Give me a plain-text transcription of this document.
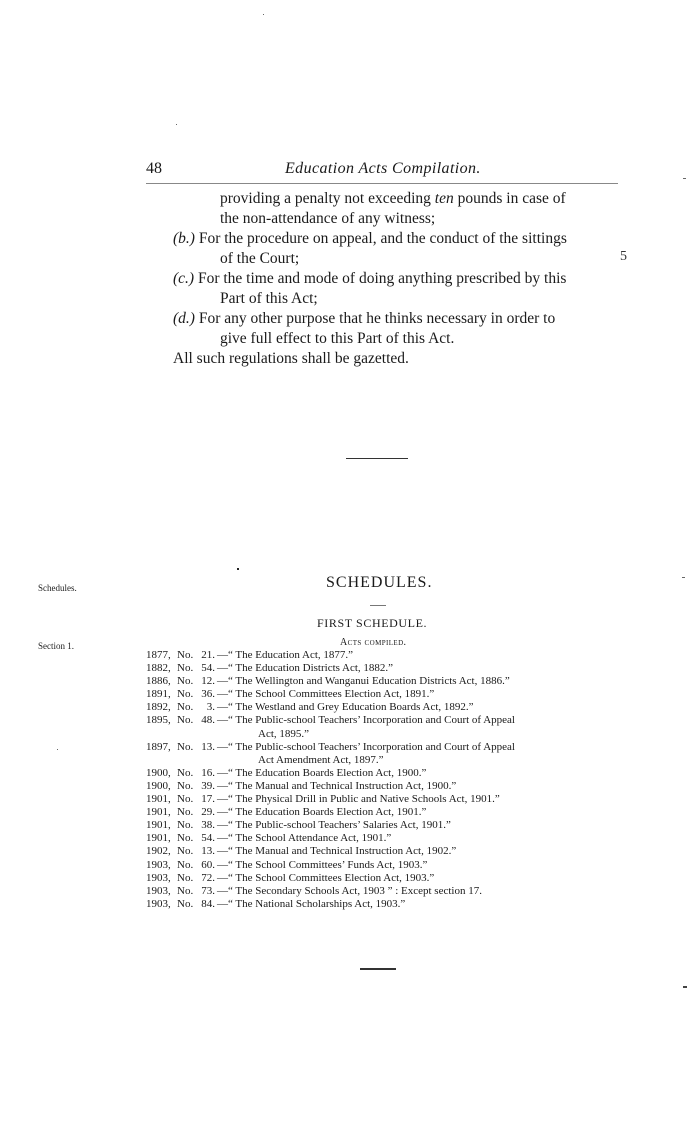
48	Education Acts Compilation.
providing a penalty not exceeding ten pounds in case of
the non-attendance of any witness;
(b.) For the procedure on appeal, and the conduct of the sittings
of the Court;
(c.) For the time and mode of doing anything prescribed by this
Part of this Act;
(d.) For any other purpose that he thinks necessary in order to
give full effect to this Part of this Act.
All such regulations shall be gazetted.
5
Schedules.
Section 1.
SCHEDULES.
FIRST SCHEDULE.
Acts compiled.
1877, No. 21. —“ The Education Act, 1877.”
1882, No. 54. —“ The Education Districts Act, 1882.”
1886, No. 12. —“ The Wellington and Wanganui Education Districts Act, 1886.”
1891, No. 36. —“ The School Committees Election Act, 1891.”
1892, No.	3. —“ The Westland and Grey Education Boards Act, 1892.”
1895, No. 48. —“ The Public-school Teachers’ Incorporation and Court of Appeal
Act, 1895.”
1897, No. 13. —“ The Public-school Teachers’ Incorporation and Court of Appeal
Act Amendment Act, 1897.”
1900, No. 16. —“ The Education Boards Election Act, 1900.”
1900, No. 39. —“ The Manual and Technical Instruction Act, 1900.”
1901, No. 17. —“ The Physical Drill in Public and Native Schools Act, 1901.”
1901, No. 29. —“ The Education Boards Election Act, 1901.”
1901, No. 38. —“ The Public-school Teachers’ Salaries Act, 1901.”
1901, No. 54. —“ The School Attendance Act, 1901.”
1902, No. 13. —“ The Manual and Technical Instruction Act, 1902.”
1903, No. 60. —“ The School Committees’ Funds Act, 1903.”
1903, No. 72. —“ The School Committees Election Act, 1903.”
1903, No. 73. —“ The Secondary Schools Act, 1903 ” : Except section 17.
1903, No. 84. —“ The National Scholarships Act, 1903.”
